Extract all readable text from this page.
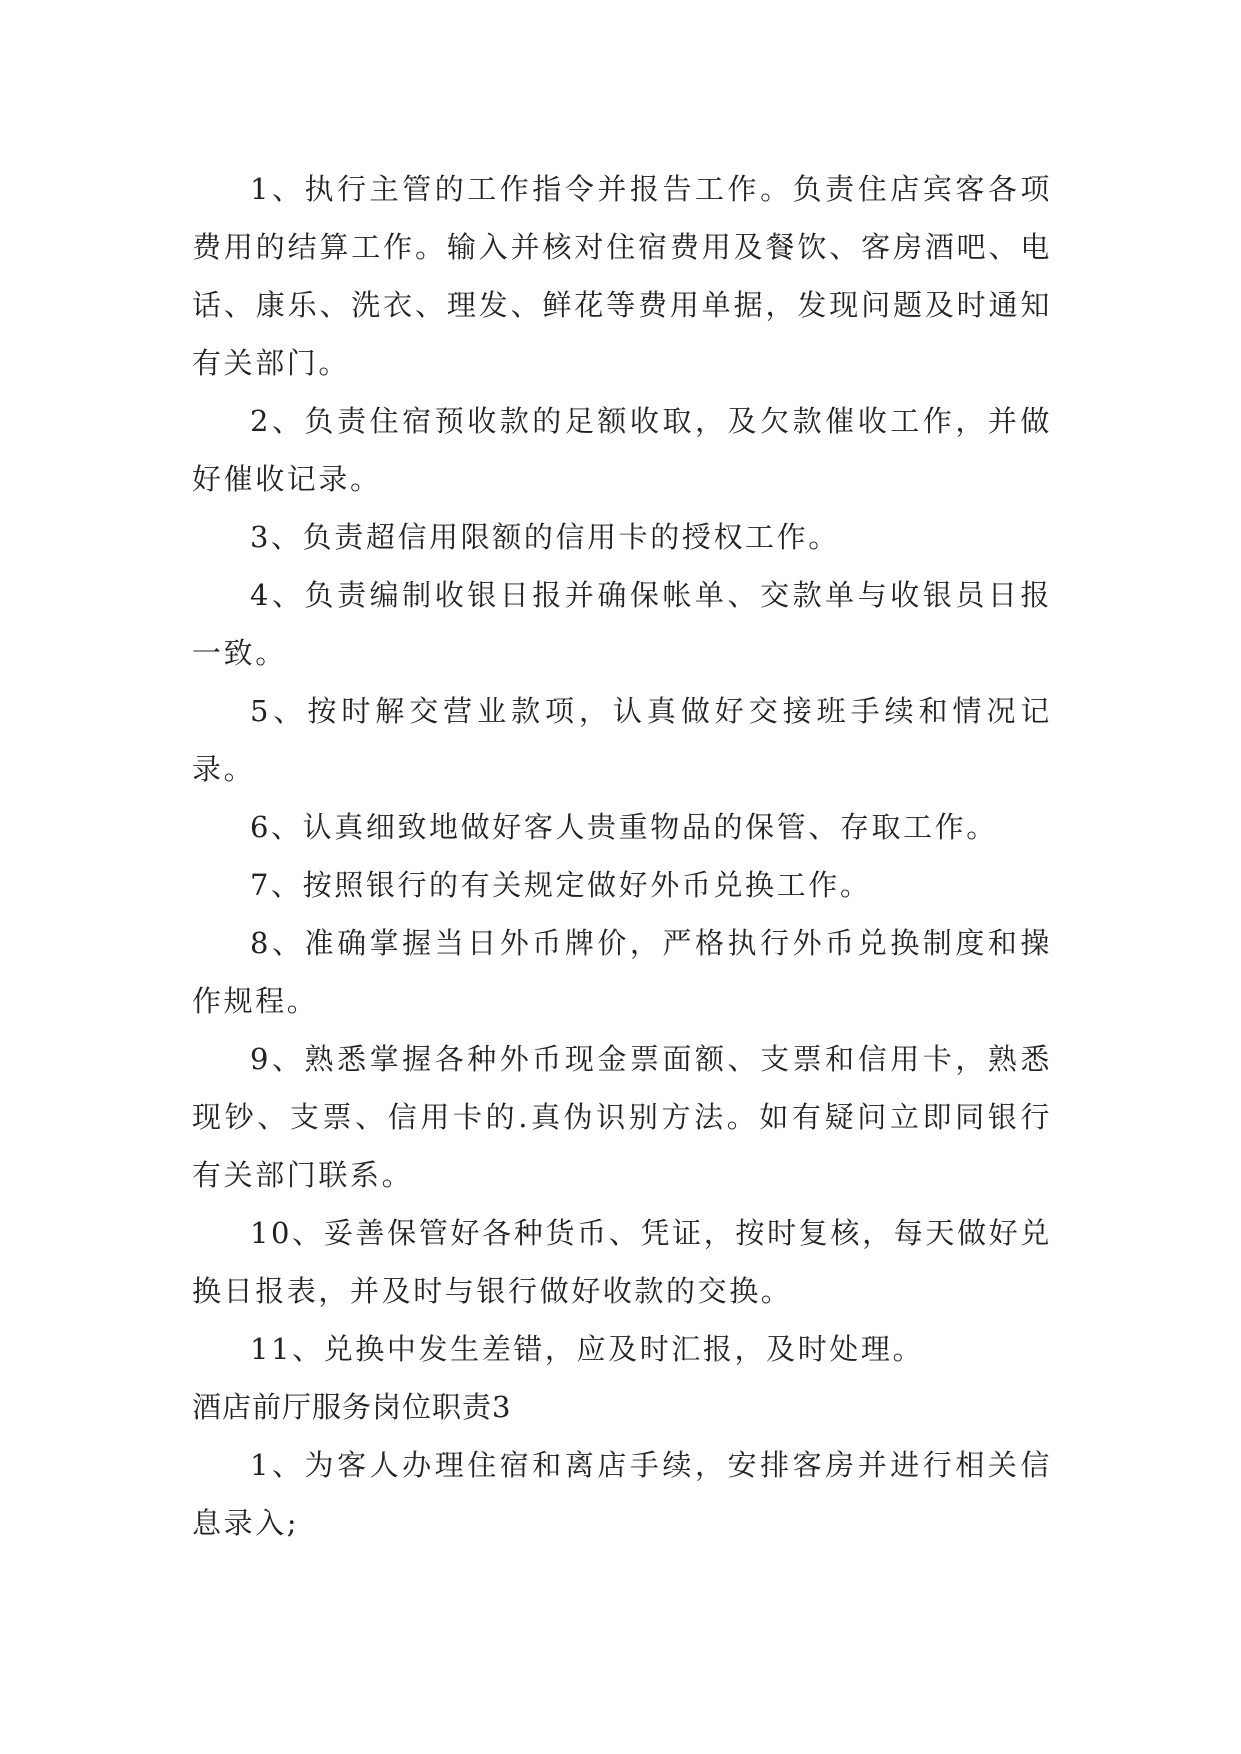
1、执行主管的工作指令并报告工作。负责住店宾客各项费用的结算工作。输入并核对住宿费用及餐饮、客房酒吧、电话、康乐、洗衣、理发、鲜花等费用单据，发现问题及时通知有关部门。

2、负责住宿预收款的足额收取，及欠款催收工作，并做好催收记录。

3、负责超信用限额的信用卡的授权工作。

4、负责编制收银日报并确保帐单、交款单与收银员日报一致。

5、按时解交营业款项，认真做好交接班手续和情况记录。

6、认真细致地做好客人贵重物品的保管、存取工作。

7、按照银行的有关规定做好外币兑换工作。

8、准确掌握当日外币牌价，严格执行外币兑换制度和操作规程。

9、熟悉掌握各种外币现金票面额、支票和信用卡，熟悉现钞、支票、信用卡的.真伪识别方法。如有疑问立即同银行有关部门联系。

10、妥善保管好各种货币、凭证，按时复核，每天做好兑换日报表，并及时与银行做好收款的交换。

11、兑换中发生差错，应及时汇报，及时处理。

酒店前厅服务岗位职责3

1、为客人办理住宿和离店手续，安排客房并进行相关信息录入;
